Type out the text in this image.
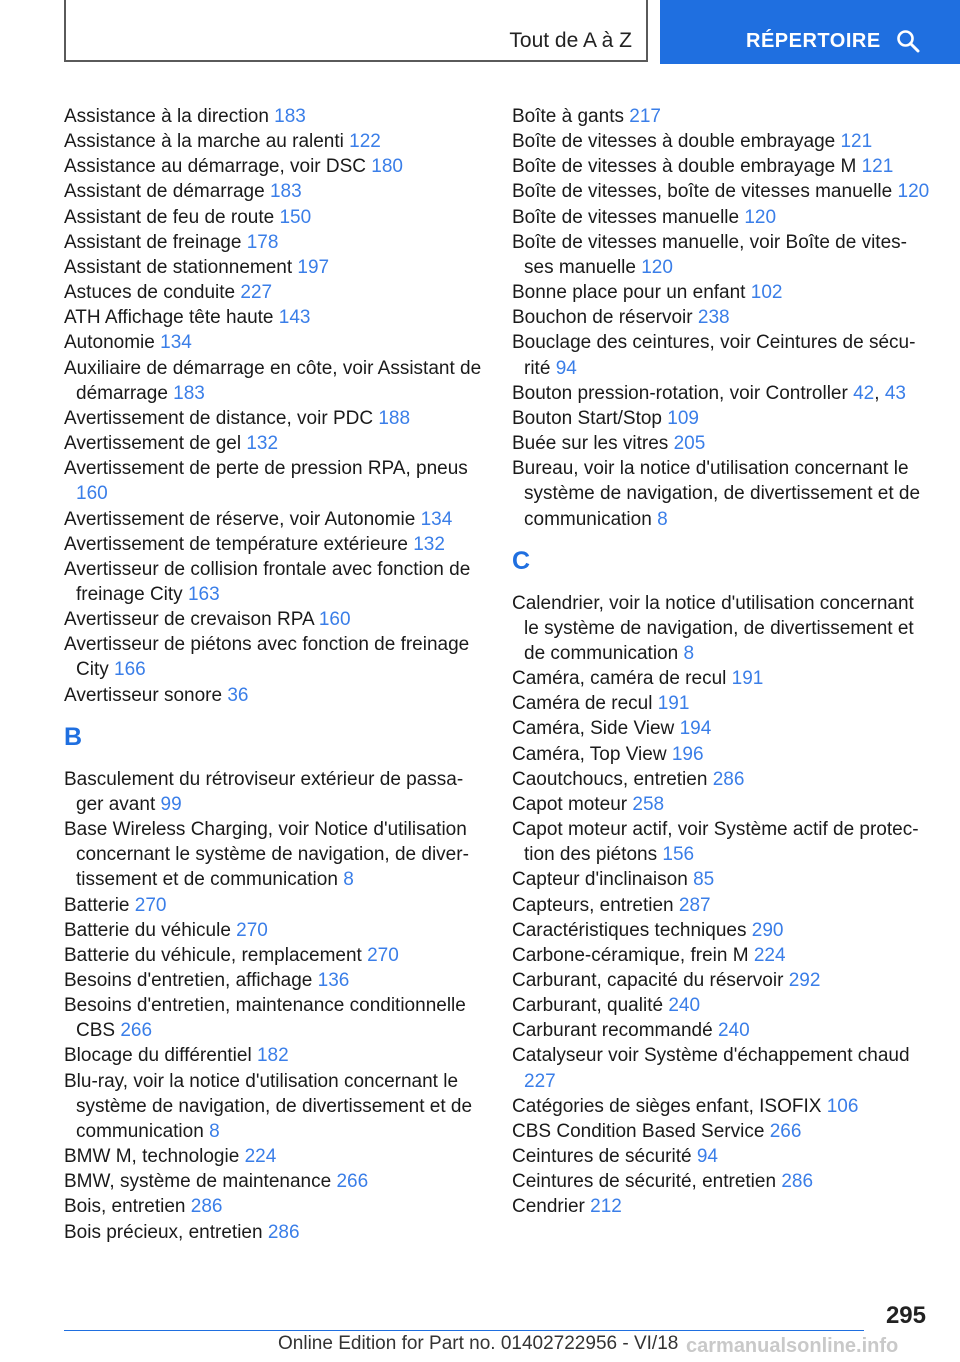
Tout de A à Z	RÉPERTOIRE
Assistance à la direction 183
Assistance à la marche au ralenti 122
Assistance au démarrage, voir DSC 180
Assistant de démarrage 183
Assistant de feu de route 150
Assistant de freinage 178
Assistant de stationnement 197
Astuces de conduite 227
ATH Affichage tête haute 143
Autonomie 134
Auxiliaire de démarrage en côte, voir Assistant de démarrage 183
Avertissement de distance, voir PDC 188
Avertissement de gel 132
Avertissement de perte de pression RPA, pneus 160
Avertissement de réserve, voir Autonomie 134
Avertissement de température extérieure 132
Avertisseur de collision frontale avec fonction de freinage City 163
Avertisseur de crevaison RPA 160
Avertisseur de piétons avec fonction de freinage City 166
Avertisseur sonore 36
B
Basculement du rétroviseur extérieur de passager avant 99
Base Wireless Charging, voir Notice d'utilisation concernant le système de navigation, de divertissement et de communication 8
Batterie 270
Batterie du véhicule 270
Batterie du véhicule, remplacement 270
Besoins d'entretien, affichage 136
Besoins d'entretien, maintenance conditionnelle CBS 266
Blocage du différentiel 182
Blu-ray, voir la notice d'utilisation concernant le système de navigation, de divertissement et de communication 8
BMW M, technologie 224
BMW, système de maintenance 266
Bois, entretien 286
Bois précieux, entretien 286
Boîte à gants 217
Boîte de vitesses à double embrayage 121
Boîte de vitesses à double embrayage M 121
Boîte de vitesses, boîte de vitesses manuelle 120
Boîte de vitesses manuelle 120
Boîte de vitesses manuelle, voir Boîte de vitesses manuelle 120
Bonne place pour un enfant 102
Bouchon de réservoir 238
Bouclage des ceintures, voir Ceintures de sécurité 94
Bouton pression-rotation, voir Controller 42, 43
Bouton Start/Stop 109
Buée sur les vitres 205
Bureau, voir la notice d'utilisation concernant le système de navigation, de divertissement et de communication 8
C
Calendrier, voir la notice d'utilisation concernant le système de navigation, de divertissement et de communication 8
Caméra, caméra de recul 191
Caméra de recul 191
Caméra, Side View 194
Caméra, Top View 196
Caoutchoucs, entretien 286
Capot moteur 258
Capot moteur actif, voir Système actif de protection des piétons 156
Capteur d'inclinaison 85
Capteurs, entretien 287
Caractéristiques techniques 290
Carbone-céramique, frein M 224
Carburant, capacité du réservoir 292
Carburant, qualité 240
Carburant recommandé 240
Catalyseur voir Système d'échappement chaud 227
Catégories de sièges enfant, ISOFIX 106
CBS Condition Based Service 266
Ceintures de sécurité 94
Ceintures de sécurité, entretien 286
Cendrier 212
295
Online Edition for Part no. 01402722956 - VI/18 carmanualsonline.info
